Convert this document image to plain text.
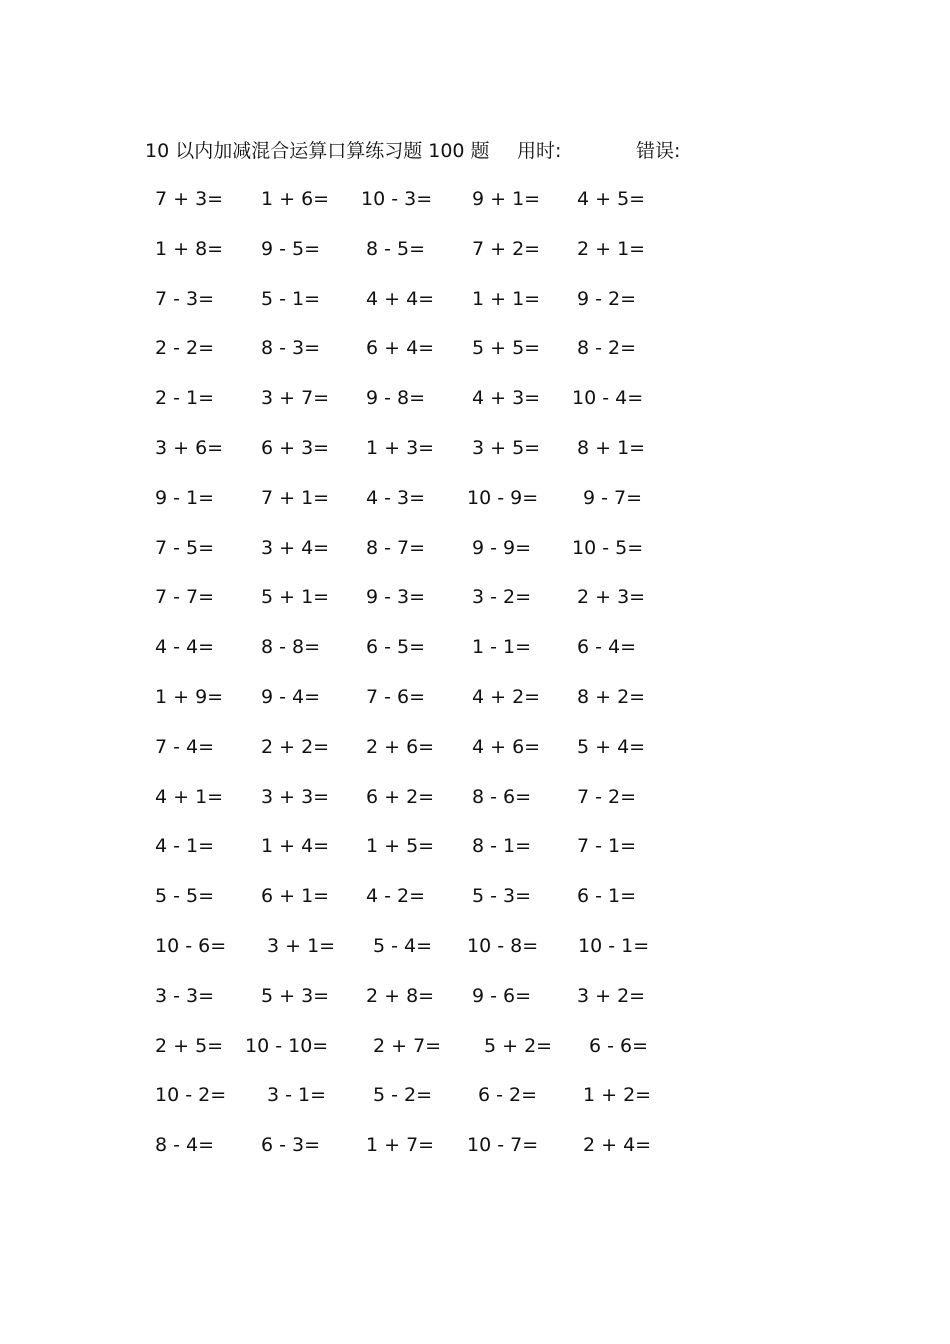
10 以内加减混合运算口算练习题 100 题 用时:	错误:
7 + 3= 1 + 6= 10 - 3= 9 + 1= 4 + 5=
1 + 8= 9 - 5= 8 - 5= 7 + 2= 2 + 1=
7 - 3= 5 - 1= 4 + 4= 1 + 1= 9 - 2=
2 - 2= 8 - 3= 6 + 4= 5 + 5= 8 - 2=
2 - 1= 3 + 7= 9 - 8= 4 + 3= 10 - 4=
3 + 6= 6 + 3= 1 + 3= 3 + 5= 8 + 1=
9 - 1= 7 + 1= 4 - 3= 10 - 9= 9 - 7=
7 - 5= 3 + 4= 8 - 7= 9 - 9= 10 - 5=
7 - 7= 5 + 1= 9 - 3= 3 - 2= 2 + 3=
4 - 4= 8 - 8= 6 - 5= 1 - 1= 6 - 4=
1 + 9= 9 - 4= 7 - 6= 4 + 2= 8 + 2=
7 - 4= 2 + 2= 2 + 6= 4 + 6= 5 + 4=
4 + 1= 3 + 3= 6 + 2= 8 - 6= 7 - 2=
4 - 1= 1 + 4= 1 + 5= 8 - 1= 7 - 1=
5 - 5= 6 + 1= 4 - 2= 5 - 3= 6 - 1=
10 - 6= 3 + 1= 5 - 4= 10 - 8= 10 - 1=
3 - 3= 5 + 3= 2 + 8= 9 - 6= 3 + 2=
2 + 5= 10 - 10= 2 + 7= 5 + 2= 6 - 6=
10 - 2= 3 - 1= 5 - 2= 6 - 2= 1 + 2=
8 - 4= 6 - 3= 1 + 7= 10 - 7= 2 + 4=
